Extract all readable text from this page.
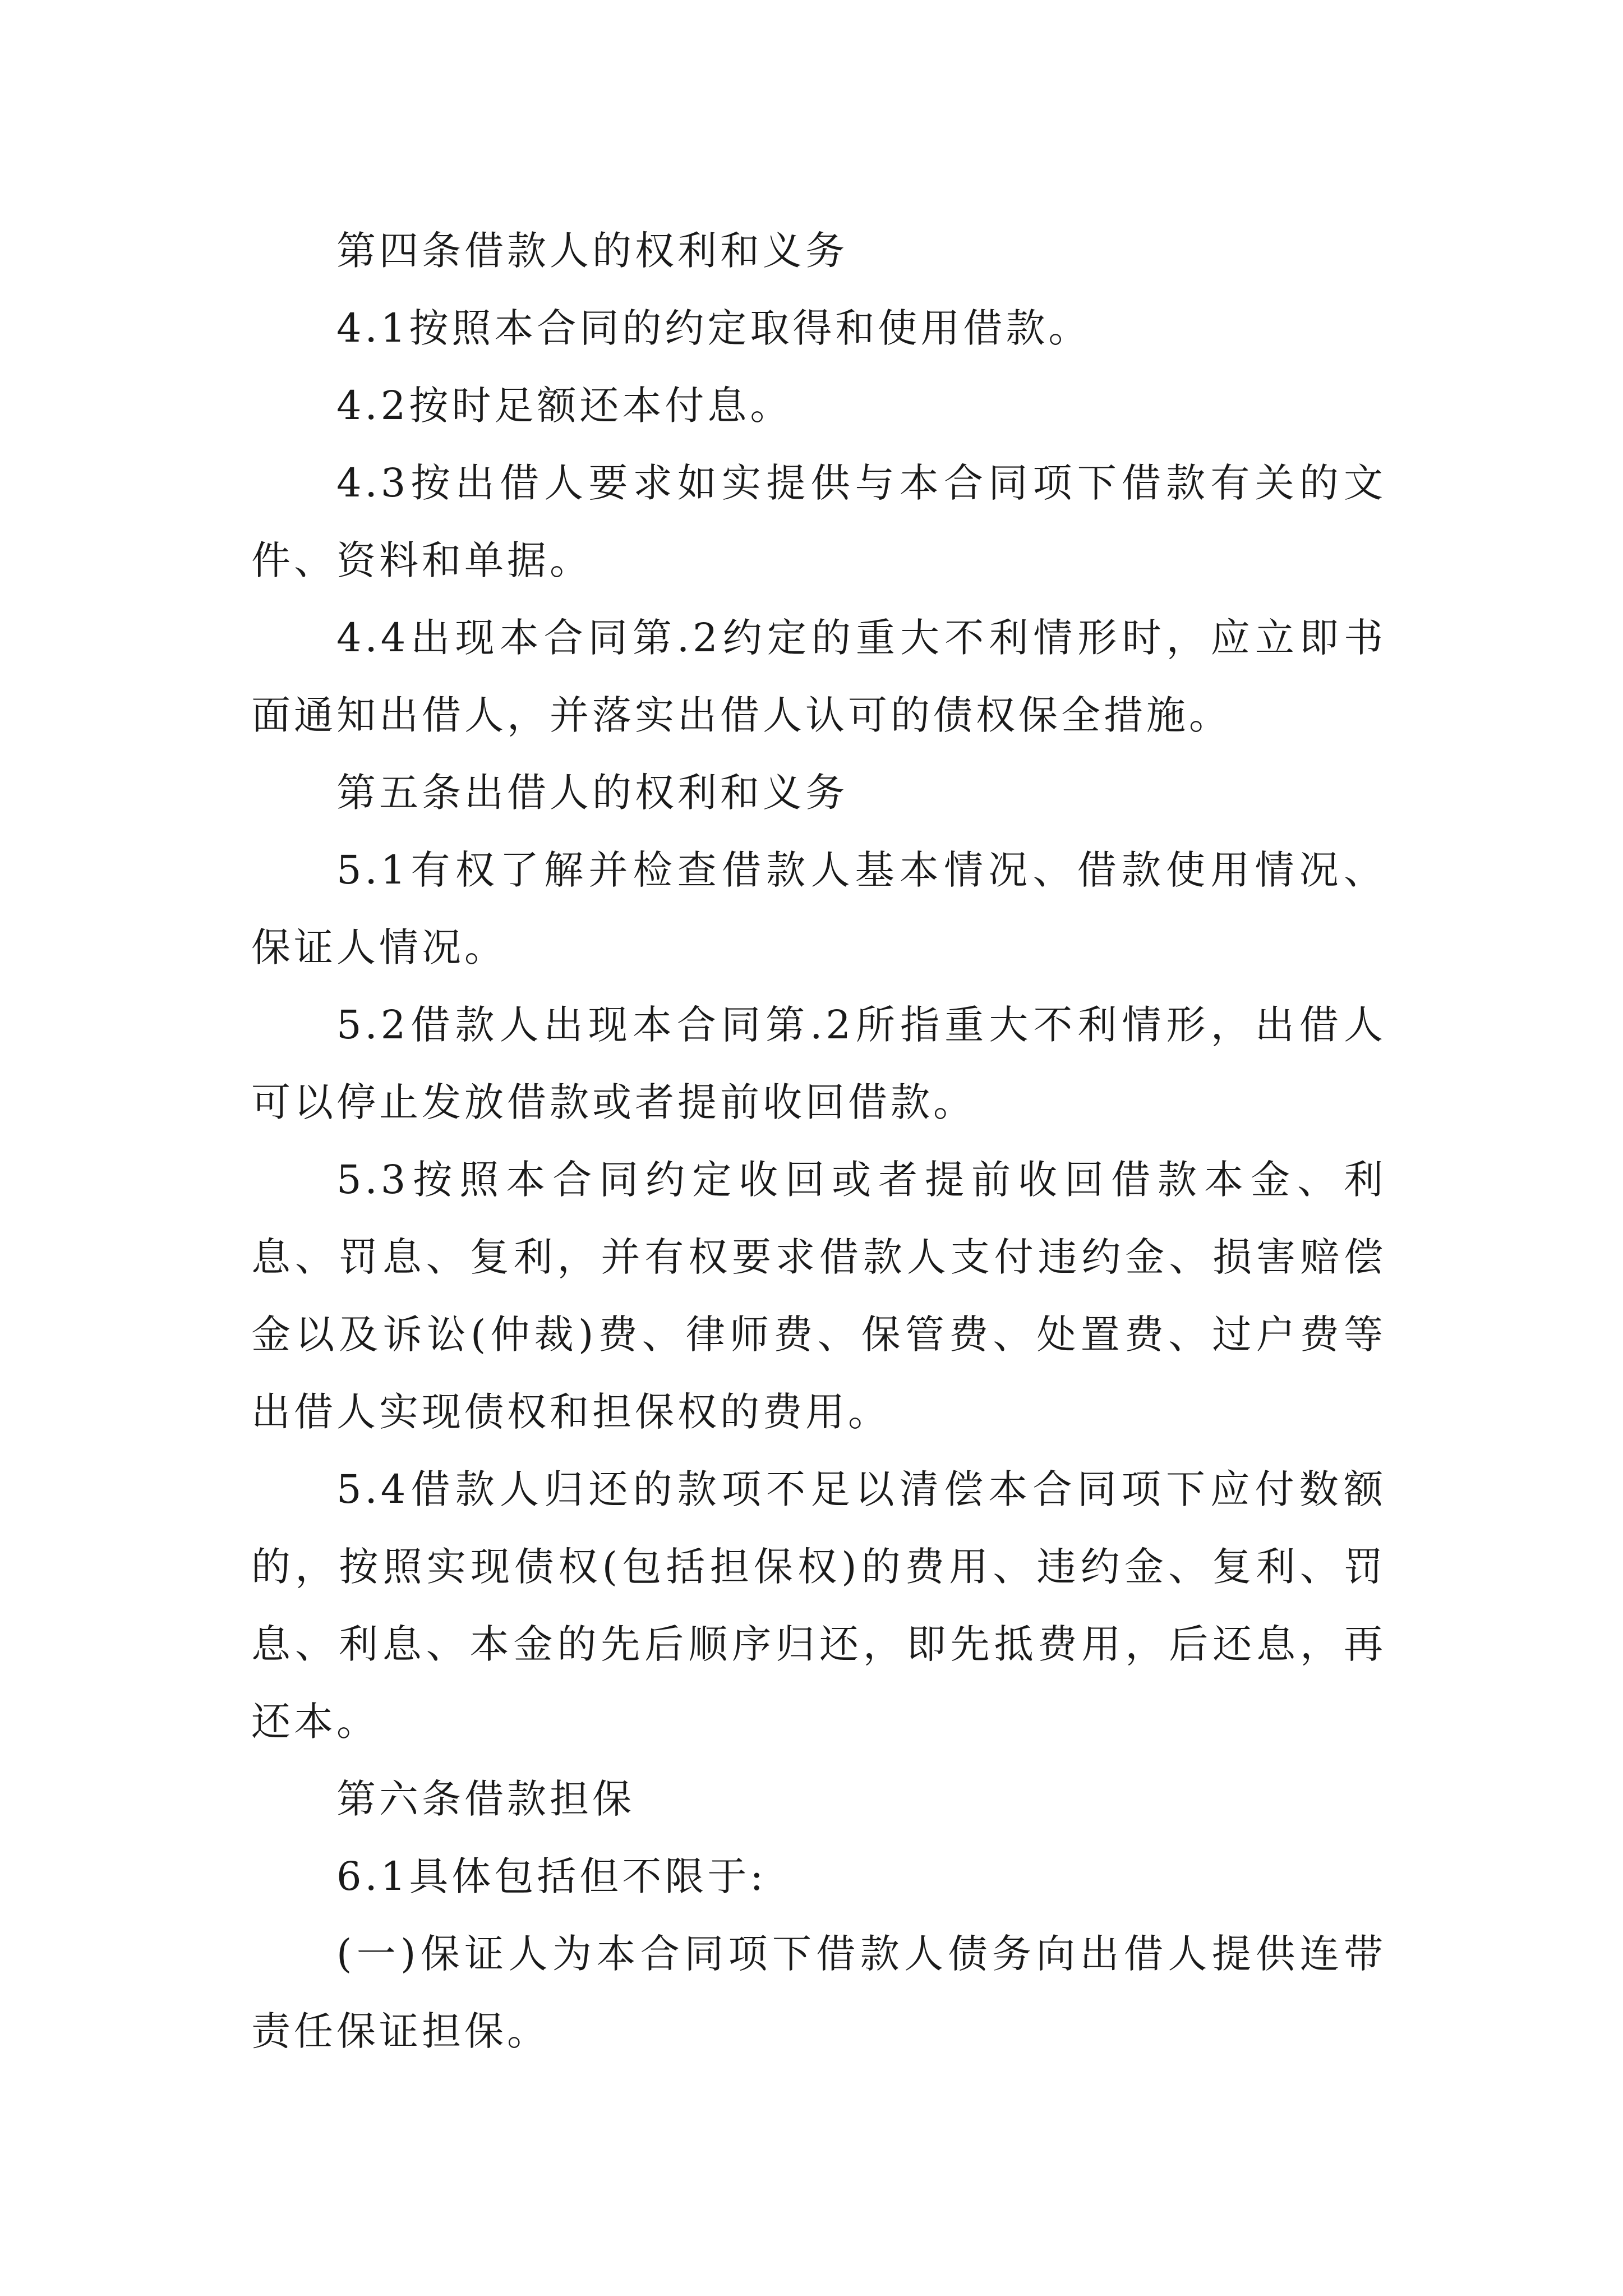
第四条借款人的权利和义务

4.1按照本合同的约定取得和使用借款。

4.2按时足额还本付息。

4.3按出借人要求如实提供与本合同项下借款有关的文件、资料和单据。

4.4出现本合同第.2约定的重大不利情形时，应立即书面通知出借人，并落实出借人认可的债权保全措施。

第五条出借人的权利和义务

5.1有权了解并检查借款人基本情况、借款使用情况、保证人情况。

5.2借款人出现本合同第.2所指重大不利情形，出借人可以停止发放借款或者提前收回借款。

5.3按照本合同约定收回或者提前收回借款本金、利息、罚息、复利，并有权要求借款人支付违约金、损害赔偿金以及诉讼(仲裁)费、律师费、保管费、处置费、过户费等出借人实现债权和担保权的费用。

5.4借款人归还的款项不足以清偿本合同项下应付数额的，按照实现债权(包括担保权)的费用、违约金、复利、罚息、利息、本金的先后顺序归还，即先抵费用，后还息，再还本。

第六条借款担保

6.1具体包括但不限于:

(一)保证人为本合同项下借款人债务向出借人提供连带责任保证担保。
